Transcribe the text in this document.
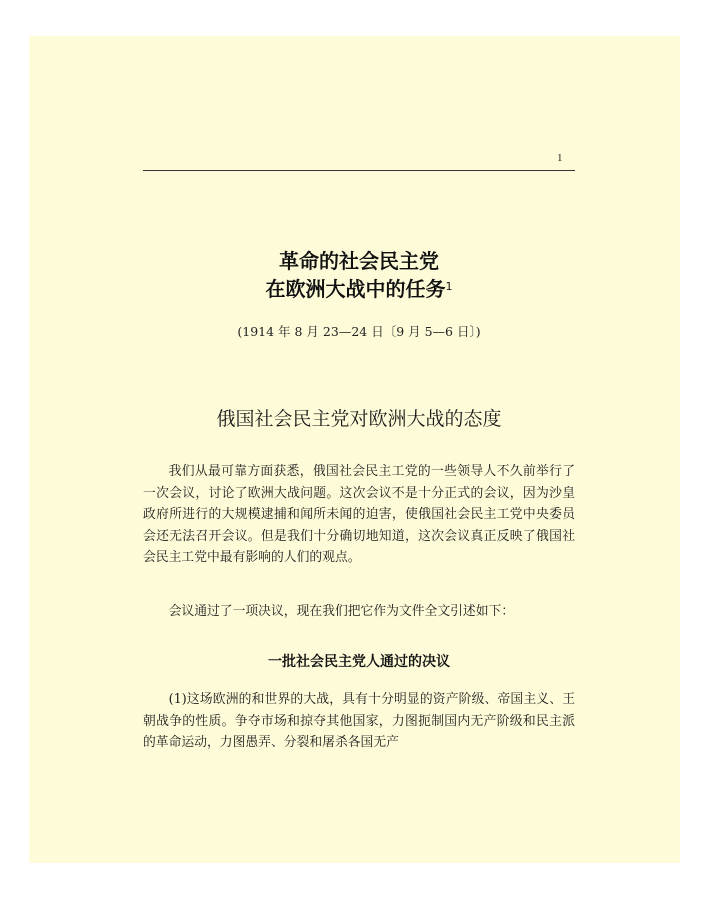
1
革命的社会民主党
在欧洲大战中的任务$^1$
(1914 年 8 月 23—24 日〔9 月 5—6 日〕)
俄国社会民主党对欧洲大战的态度

我们从最可靠方面获悉，俄国社会民主工党的一些领导人不久前举行了一次会议，讨论了欧洲大战问题。这次会议不是十分正式的会议，因为沙皇政府所进行的大规模逮捕和闻所未闻的迫害，使俄国社会民主工党中央委员会还无法召开会议。但是我们十分确切地知道，这次会议真正反映了俄国社会民主工党中最有影响的人们的观点。

会议通过了一项决议，现在我们把它作为文件全文引述如下：

一批社会民主党人通过的决议

(1)这场欧洲的和世界的大战，具有十分明显的资产阶级、帝国主义、王朝战争的性质。争夺市场和掠夺其他国家，力图扼制国内无产阶级和民主派的革命运动，力图愚弄、分裂和屠杀各国无产
